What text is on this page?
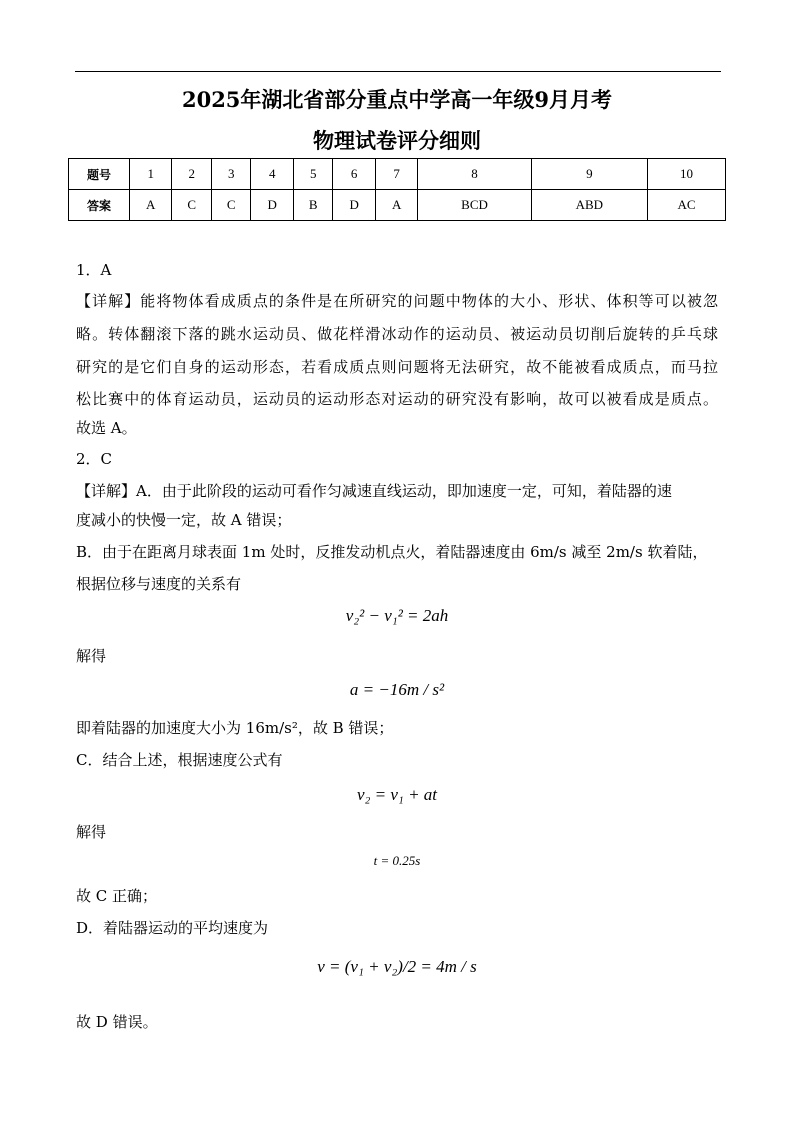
2025年湖北省部分重点中学高一年级9月月考
物理试卷评分细则
题号	1	2	3	4	5	6	7	8	9	10
答案	A	C	C	D	B	D	A	BCD	ABD	AC
1．A
【详解】能将物体看成质点的条件是在所研究的问题中物体的大小、形状、体积等可以被忽
略。转体翻滚下落的跳水运动员、做花样滑冰动作的运动员、被运动员切削后旋转的乒乓球
研究的是它们自身的运动形态，若看成质点则问题将无法研究，故不能被看成质点，而马拉
松比赛中的体育运动员，运动员的运动形态对运动的研究没有影响，故可以被看成是质点。
故选 A。
2．C
【详解】A．由于此阶段的运动可看作匀减速直线运动，即加速度一定，可知，着陆器的速
度减小的快慢一定，故 A 错误；
B．由于在距离月球表面 1m 处时，反推发动机点火，着陆器速度由 6m/s 减至 2m/s 软着陆，
根据位移与速度的关系有
v₂² − v₁² = 2ah
解得
a = −16m / s²
即着陆器的加速度大小为 16m/s²，故 B 错误；
C．结合上述，根据速度公式有
v₂ = v₁ + at
解得
t = 0.25s
故 C 正确；
D．着陆器运动的平均速度为
v = (v₁ + v₂)/2 = 4m / s
故 D 错误。
